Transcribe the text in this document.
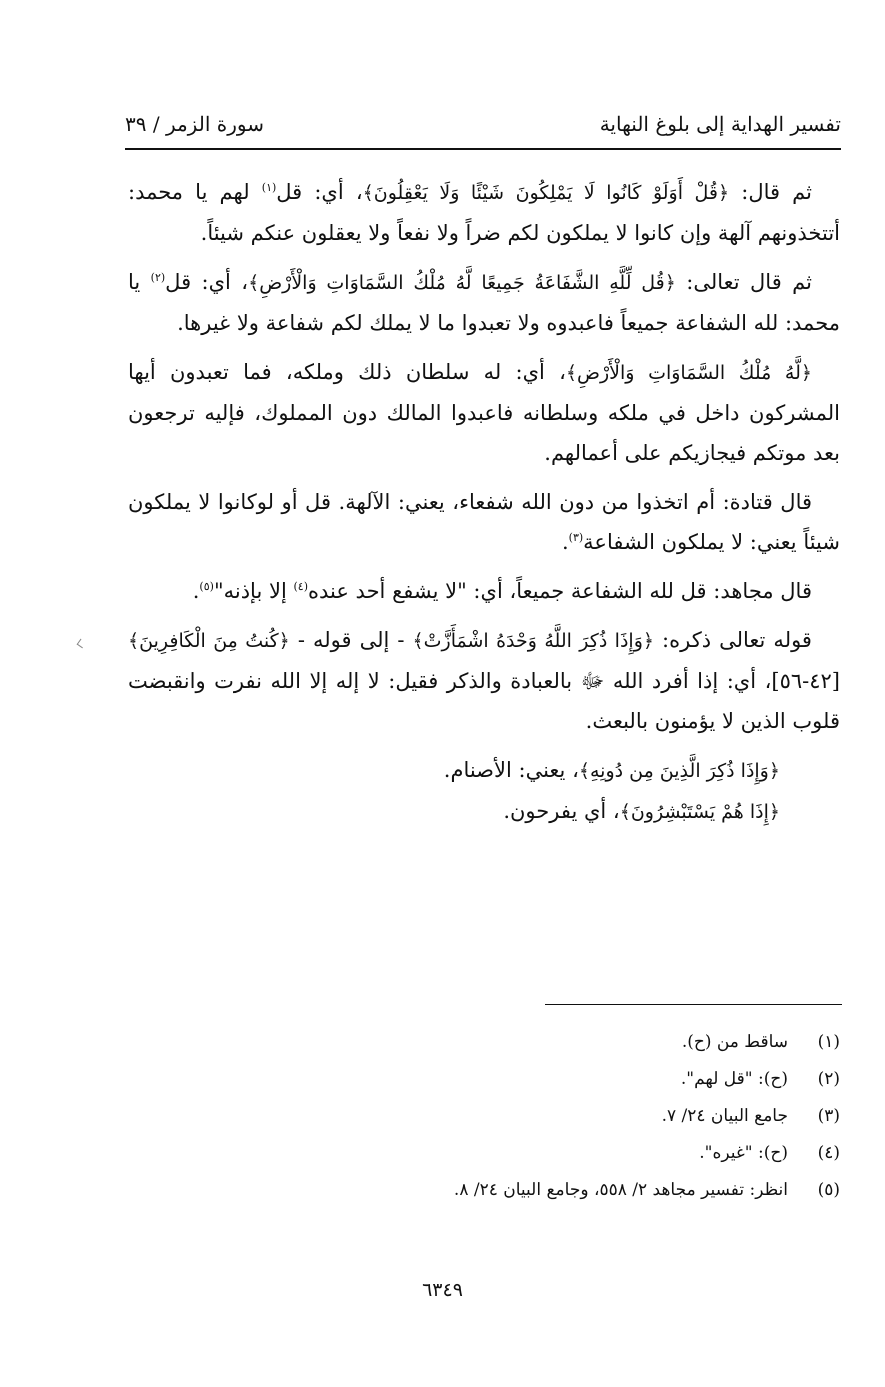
تفسير الهداية إلى بلوغ النهاية
سورة الزمر / ٣٩

ثم قال: ﴿قُلْ أَوَلَوْ كَانُوا لَا يَمْلِكُونَ شَيْئًا وَلَا يَعْقِلُونَ﴾، أي: قل$^{(١)}$ لهم يا محمد: أتتخذونهم آلهة وإن كانوا لا يملكون لكم ضراً ولا نفعاً ولا يعقلون عنكم شيئاً.

ثم قال تعالى: ﴿قُل لِّلَّهِ الشَّفَاعَةُ جَمِيعًا لَّهُ مُلْكُ السَّمَاوَاتِ وَالْأَرْضِ﴾، أي: قل$^{(٢)}$ يا محمد: لله الشفاعة جميعاً فاعبدوه ولا تعبدوا ما لا يملك لكم شفاعة ولا غيرها.

﴿لَّهُ مُلْكُ السَّمَاوَاتِ وَالْأَرْضِ﴾، أي: له سلطان ذلك وملكه، فما تعبدون أيها المشركون داخل في ملكه وسلطانه فاعبدوا المالك دون المملوك، فإليه ترجعون بعد موتكم فيجازيكم على أعمالهم.

قال قتادة: أم اتخذوا من دون الله شفعاء، يعني: الآلهة. قل أو لوكانوا لا يملكون شيئاً يعني: لا يملكون الشفاعة$^{(٣)}$.

قال مجاهد: قل لله الشفاعة جميعاً، أي: "لا يشفع أحد عنده$^{(٤)}$ إلا بإذنه"$^{(٥)}$.

قوله تعالى ذكره: ﴿وَإِذَا ذُكِرَ اللَّهُ وَحْدَهُ اشْمَأَزَّتْ﴾ - إلى قوله - ﴿كُنتُ مِنَ الْكَافِرِينَ﴾[٤٢-٥٦]، أي: إذا أفرد الله ﷻ بالعبادة والذكر فقيل: لا إله إلا الله نفرت وانقبضت قلوب الذين لا يؤمنون بالبعث.

﴿وَإِذَا ذُكِرَ الَّذِينَ مِن دُونِهِ﴾، يعني: الأصنام.

﴿إِذَا هُمْ يَسْتَبْشِرُونَ﴾، أي يفرحون.

(١)
ساقط من (ح).
(٢)
(ح): "قل لهم".
(٣)
جامع البيان ٢٤/ ٧.
(٤)
(ح): "غيره".
(٥)
انظر: تفسير مجاهد ٢/ ٥٥٨، وجامع البيان ٢٤/ ٨.
٦٣٤٩
